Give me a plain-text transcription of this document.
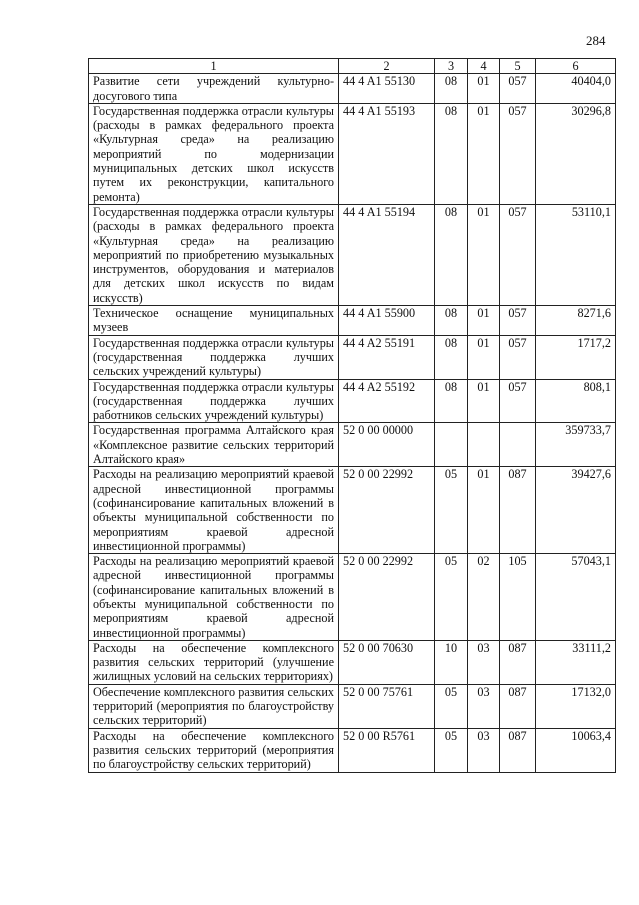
284
1	2	3	4	5	6
Развитие сети учреждений культурно-досугового типа	44 4 A1 55130	08	01	057	40404,0
Государственная поддержка отрасли культуры (расходы в рамках федерального проекта «Культурная среда» на реализацию мероприятий по модернизации муниципальных детских школ искусств путем их реконструкции, капитального ремонта)	44 4 A1 55193	08	01	057	30296,8
Государственная поддержка отрасли культуры (расходы в рамках федерального проекта «Культурная среда» на реализацию мероприятий по приобретению музыкальных инструментов, оборудования и материалов для детских школ искусств по видам искусств)	44 4 A1 55194	08	01	057	53110,1
Техническое оснащение муниципальных музеев	44 4 A1 55900	08	01	057	8271,6
Государственная поддержка отрасли культуры (государственная поддержка лучших сельских учреждений культуры)	44 4 A2 55191	08	01	057	1717,2
Государственная поддержка отрасли культуры (государственная поддержка лучших работников сельских учреждений культуры)	44 4 A2 55192	08	01	057	808,1
Государственная программа Алтайского края «Комплексное развитие сельских территорий Алтайского края»	52 0 00 00000				359733,7
Расходы на реализацию мероприятий краевой адресной инвестиционной программы (софинансирование капитальных вложений в объекты муниципальной собственности по мероприятиям краевой адресной инвестиционной программы)	52 0 00 22992	05	01	087	39427,6
Расходы на реализацию мероприятий краевой адресной инвестиционной программы (софинансирование капитальных вложений в объекты муниципальной собственности по мероприятиям краевой адресной инвестиционной программы)	52 0 00 22992	05	02	105	57043,1
Расходы на обеспечение комплексного развития сельских территорий (улучшение жилищных условий на сельских территориях)	52 0 00 70630	10	03	087	33111,2
Обеспечение комплексного развития сельских территорий (мероприятия по благоустройству сельских территорий)	52 0 00 75761	05	03	087	17132,0
Расходы на обеспечение комплексного развития сельских территорий (мероприятия по благоустройству сельских территорий)	52 0 00 R5761	05	03	087	10063,4
